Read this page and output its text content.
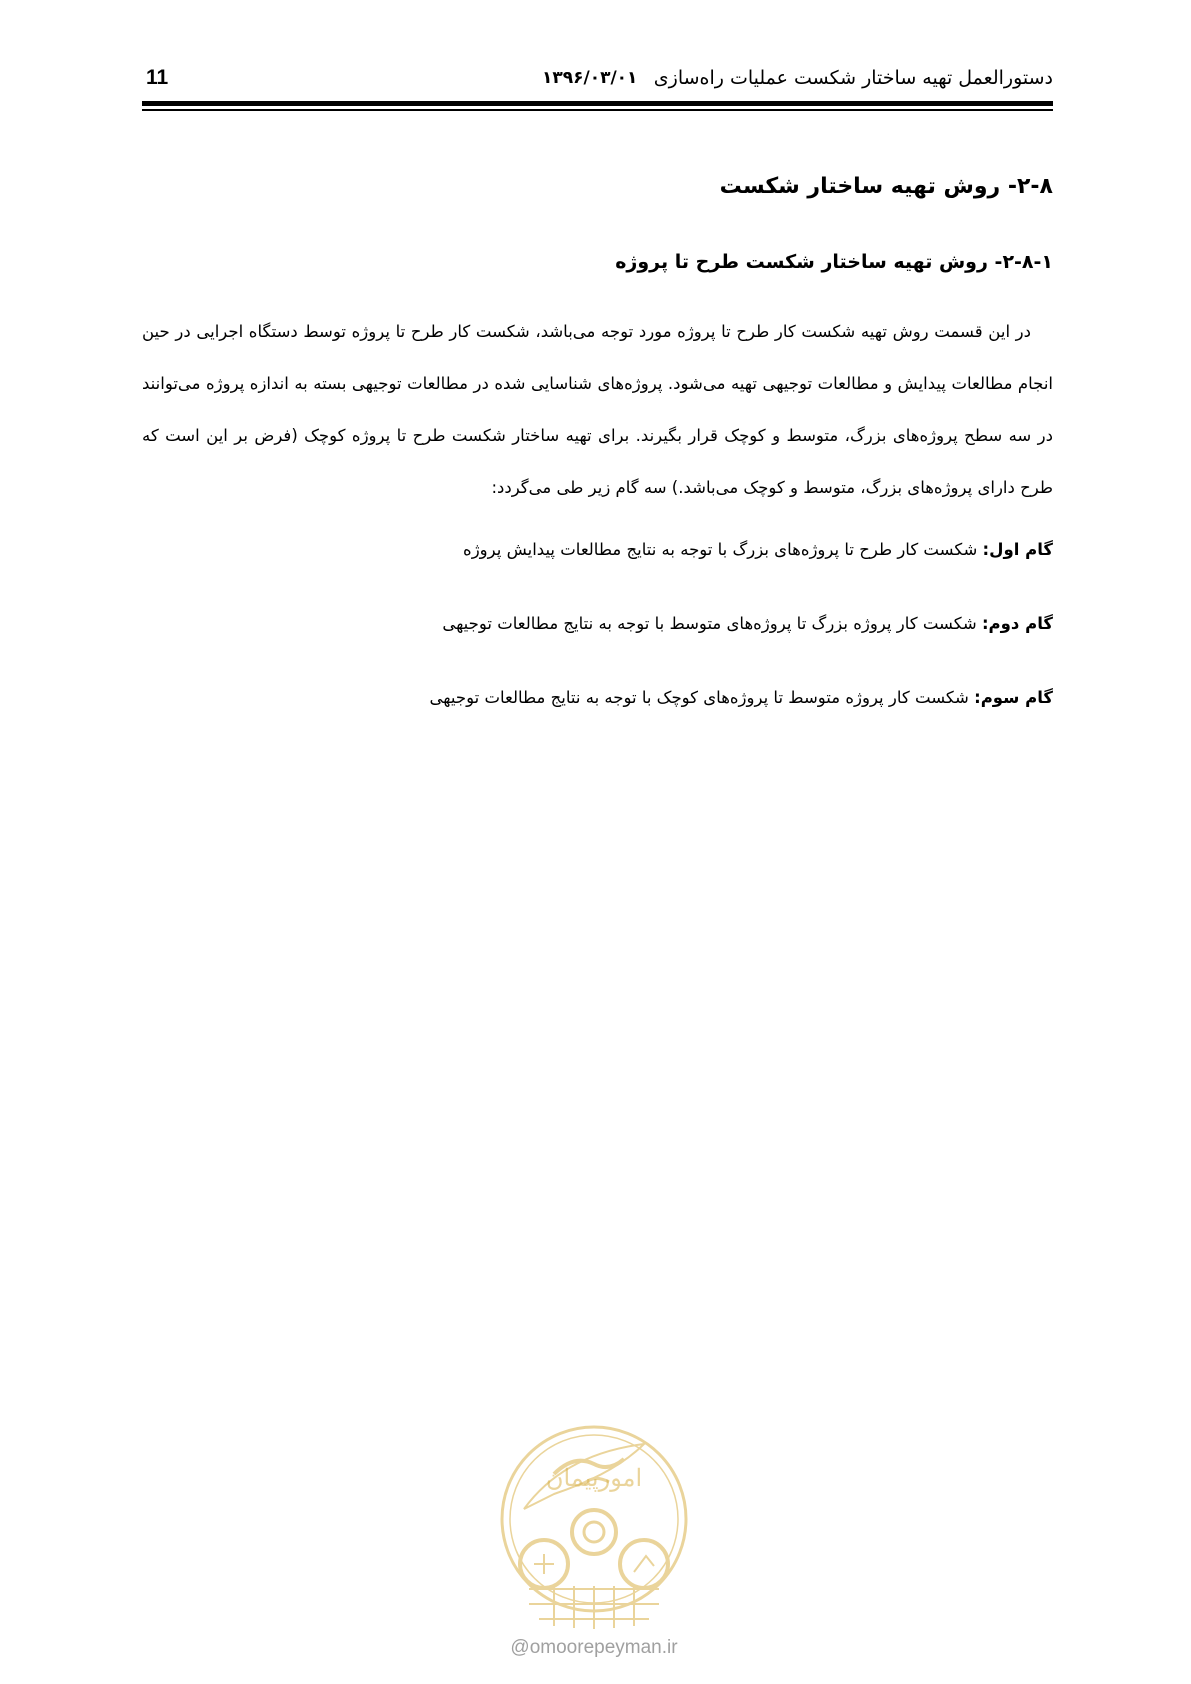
11	۱۳۹۶/۰۳/۰۱ دستورالعمل تهیه ساختار شکست عملیات راه‌سازی
۲-۸- روش تهیه ساختار شکست
۲-۸-۱- روش تهیه ساختار شکست طرح تا پروژه

در این قسمت روش تهیه شکست کار طرح تا پروژه مورد توجه می‌باشد، شکست کار طرح تا پروژه توسط دستگاه اجرایی در حین انجام مطالعات پیدایش و مطالعات توجیهی تهیه می‌شود. پروژه‌های شناسایی شده در مطالعات توجیهی بسته به اندازه پروژه می‌توانند در سه سطح پروژه‌های بزرگ، متوسط و کوچک قرار بگیرند. برای تهیه ساختار شکست طرح تا پروژه کوچک (فرض بر این است که طرح دارای پروژه‌های بزرگ، متوسط و کوچک می‌باشد.) سه گام زیر طی می‌گردد:

گام اول: شکست کار طرح تا پروژه‌های بزرگ با توجه به نتایج مطالعات پیدایش پروژه
گام دوم: شکست کار پروژه بزرگ تا پروژه‌های متوسط با توجه به نتایج مطالعات توجیهی
گام سوم: شکست کار پروژه متوسط تا پروژه‌های کوچک با توجه به نتایج مطالعات توجیهی
امورپیمان
@omoorepeyman.ir
